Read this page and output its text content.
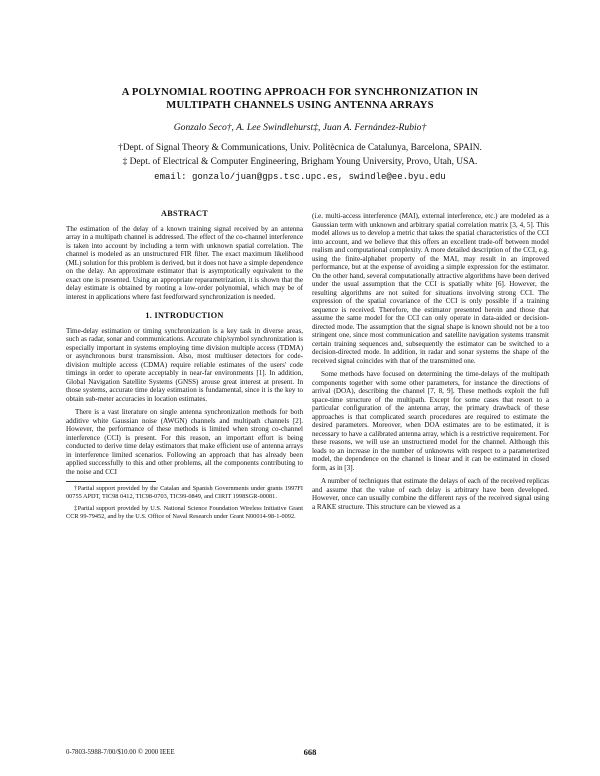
A POLYNOMIAL ROOTING APPROACH FOR SYNCHRONIZATION IN
MULTIPATH CHANNELS USING ANTENNA ARRAYS
Gonzalo Seco†, A. Lee Swindlehurst‡, Juan A. Fernández-Rubio†
†Dept. of Signal Theory & Communications, Univ. Politècnica de Catalunya, Barcelona, SPAIN.
‡ Dept. of Electrical & Computer Engineering, Brigham Young University, Provo, Utah, USA.
email: gonzalo/juan@gps.tsc.upc.es, swindle@ee.byu.edu
ABSTRACT

The estimation of the delay of a known training signal received by an antenna array in a multipath channel is addressed. The effect of the co-channel interference is taken into account by including a term with unknown spatial correlation. The channel is modeled as an unstructured FIR filter. The exact maximum likelihood (ML) solution for this problem is derived, but it does not have a simple dependence on the delay. An approximate estimator that is asymptotically equivalent to the exact one is presented. Using an appropriate reparametrization, it is shown that the delay estimate is obtained by rooting a low-order polynomial, which may be of interest in applications where fast feedforward synchronization is needed.

1. INTRODUCTION

Time-delay estimation or timing synchronization is a key task in diverse areas, such as radar, sonar and communications. Accurate chip/symbol synchronization is especially important in systems employing time division multiple access (TDMA) or asynchronous burst transmission. Also, most multiuser detectors for code-division multiple access (CDMA) require reliable estimates of the users' code timings in order to operate acceptably in near-far environments [1]. In addition, Global Navigation Satellite Systems (GNSS) arouse great interest at present. In those systems, accurate time delay estimation is fundamental, since it is the key to obtain sub-meter accuracies in location estimates.

There is a vast literature on single antenna synchronization methods for both additive white Gaussian noise (AWGN) channels and multipath channels [2]. However, the performance of these methods is limited when strong co-channel interference (CCI) is present. For this reason, an important effort is being conducted to derive time delay estimators that make efficient use of antenna arrays in interference limited scenarios. Following an approach that has already been applied successfully to this and other problems, all the components contributing to the noise and CCI

†Partial support provided by the Catalan and Spanish Governments under grants 1997FI 00755 APDT, TIC98 0412, TIC98-0703, TIC99-0849, and CIRIT 1998SGR-00081.

‡Partial support provided by U.S. National Science Foundation Wireless Initiative Grant CCR 99-79452, and by the U.S. Office of Naval Research under Grant N00014-98-1-0092.

(i.e. multi-access interference (MAI), external interference, etc.) are modeled as a Gaussian term with unknown and arbitrary spatial correlation matrix [3, 4, 5]. This model allows us to develop a metric that takes the spatial characteristics of the CCI into account, and we believe that this offers an excellent trade-off between model realism and computational complexity. A more detailed description of the CCI, e.g. using the finite-alphabet property of the MAI, may result in an improved performance, but at the expense of avoiding a simple expression for the estimator. On the other hand, several computationally attractive algorithms have been derived under the usual assumption that the CCI is spatially white [6]. However, the resulting algorithms are not suited for situations involving strong CCI. The expression of the spatial covariance of the CCI is only possible if a training sequence is received. Therefore, the estimator presented herein and those that assume the same model for the CCI can only operate in data-aided or decision-directed mode. The assumption that the signal shape is known should not be a too stringent one, since most communication and satellite navigation systems transmit certain training sequences and, subsequently the estimator can be switched to a decision-directed mode. In addition, in radar and sonar systems the shape of the received signal coincides with that of the transmitted one.

Some methods have focused on determining the time-delays of the multipath components together with some other parameters, for instance the directions of arrival (DOA), describing the channel [7, 8, 9]. These methods exploit the full space-time structure of the multipath. Except for some cases that resort to a particular configuration of the antenna array, the primary drawback of these approaches is that complicated search procedures are required to estimate the desired parameters. Moreover, when DOA estimates are to be estimated, it is necessary to have a calibrated antenna array, which is a restrictive requirement. For these reasons, we will use an unstructured model for the channel. Although this leads to an increase in the number of unknowns with respect to a parameterized model, the dependence on the channel is linear and it can be estimated in closed form, as in [3].

A number of techniques that estimate the delays of each of the received replicas and assume that the value of each delay is arbitrary have been developed. However, once can usually combine the different rays of the received signal using a RAKE structure. This structure can be viewed as a

0-7803-5988-7/00/$10.00 © 2000 IEEE	668
